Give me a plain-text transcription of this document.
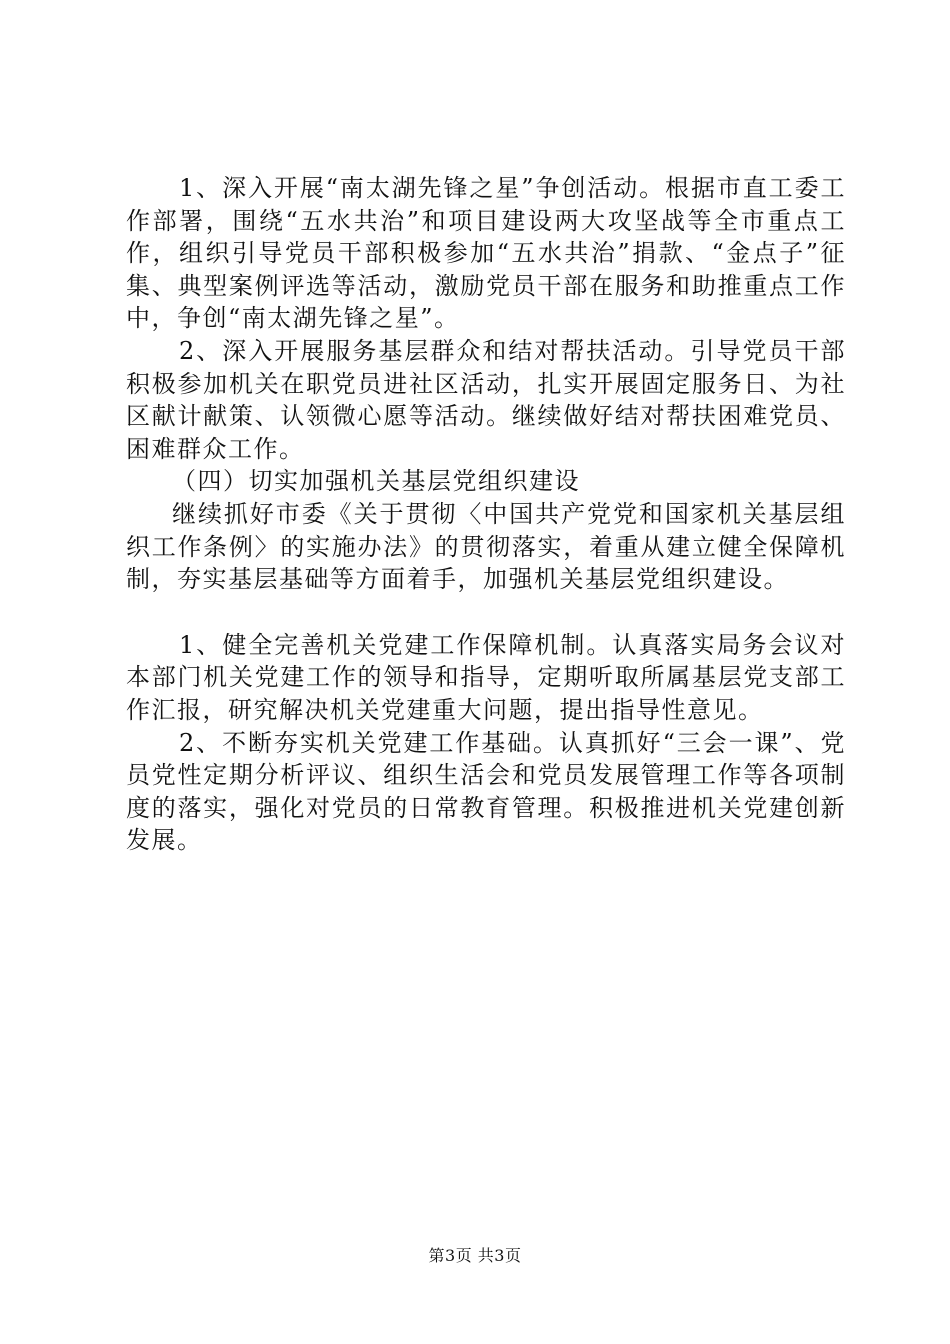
1、深入开展“南太湖先锋之星”争创活动。根据市直工委工作部署，围绕“五水共治”和项目建设两大攻坚战等全市重点工作，组织引导党员干部积极参加“五水共治”捐款、“金点子”征集、典型案例评选等活动，激励党员干部在服务和助推重点工作中，争创“南太湖先锋之星”。

2、深入开展服务基层群众和结对帮扶活动。引导党员干部积极参加机关在职党员进社区活动，扎实开展固定服务日、为社区献计献策、认领微心愿等活动。继续做好结对帮扶困难党员、困难群众工作。

（四）切实加强机关基层党组织建设

继续抓好市委《关于贯彻〈中国共产党党和国家机关基层组织工作条例〉的实施办法》的贯彻落实，着重从建立健全保障机制，夯实基层基础等方面着手，加强机关基层党组织建设。

1、健全完善机关党建工作保障机制。认真落实局务会议对本部门机关党建工作的领导和指导，定期听取所属基层党支部工作汇报，研究解决机关党建重大问题，提出指导性意见。

2、不断夯实机关党建工作基础。认真抓好“三会一课”、党员党性定期分析评议、组织生活会和党员发展管理工作等各项制度的落实，强化对党员的日常教育管理。积极推进机关党建创新发展。

第3页 共3页
